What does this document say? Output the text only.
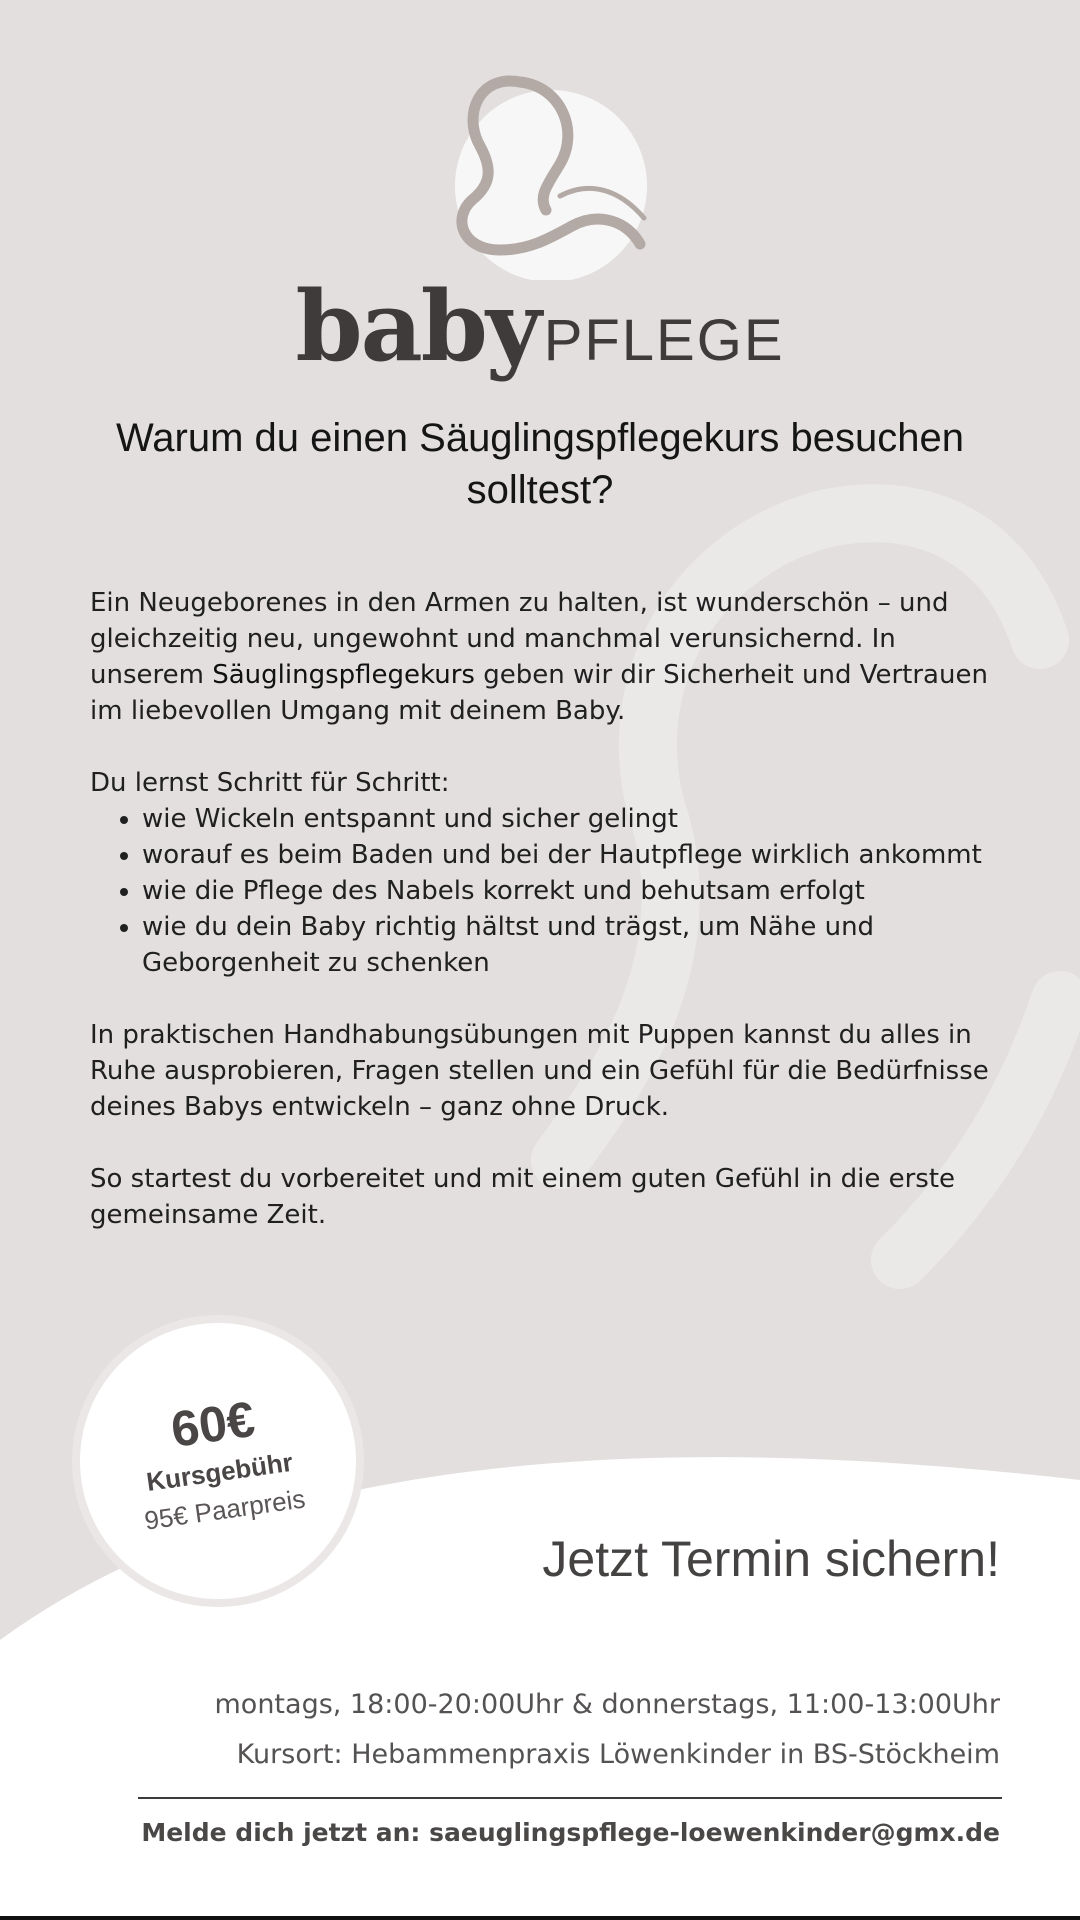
babyPFLEGE
Warum du einen Säuglingspflegekurs besuchen solltest?

Ein Neugeborenes in den Armen zu halten, ist wunderschön – und gleichzeitig neu, ungewohnt und manchmal verunsichernd. In unserem Säuglingspflegekurs geben wir dir Sicherheit und Vertrauen im liebevollen Umgang mit deinem Baby.

Du lernst Schritt für Schritt:

• wie Wickeln entspannt und sicher gelingt
• worauf es beim Baden und bei der Hautpflege wirklich ankommt
• wie die Pflege des Nabels korrekt und behutsam erfolgt
• wie du dein Baby richtig hältst und trägst, um Nähe und Geborgenheit zu schenken

In praktischen Handhabungsübungen mit Puppen kannst du alles in Ruhe ausprobieren, Fragen stellen und ein Gefühl für die Bedürfnisse deines Babys entwickeln – ganz ohne Druck.

So startest du vorbereitet und mit einem guten Gefühl in die erste gemeinsame Zeit.

60€
Kursgebühr
95€ Paarpreis
Jetzt Termin sichern!
montags, 18:00-20:00Uhr & donnerstags, 11:00-13:00Uhr
Kursort: Hebammenpraxis Löwenkinder in BS-Stöckheim
Melde dich jetzt an: saeuglingspflege-loewenkinder@gmx.de
